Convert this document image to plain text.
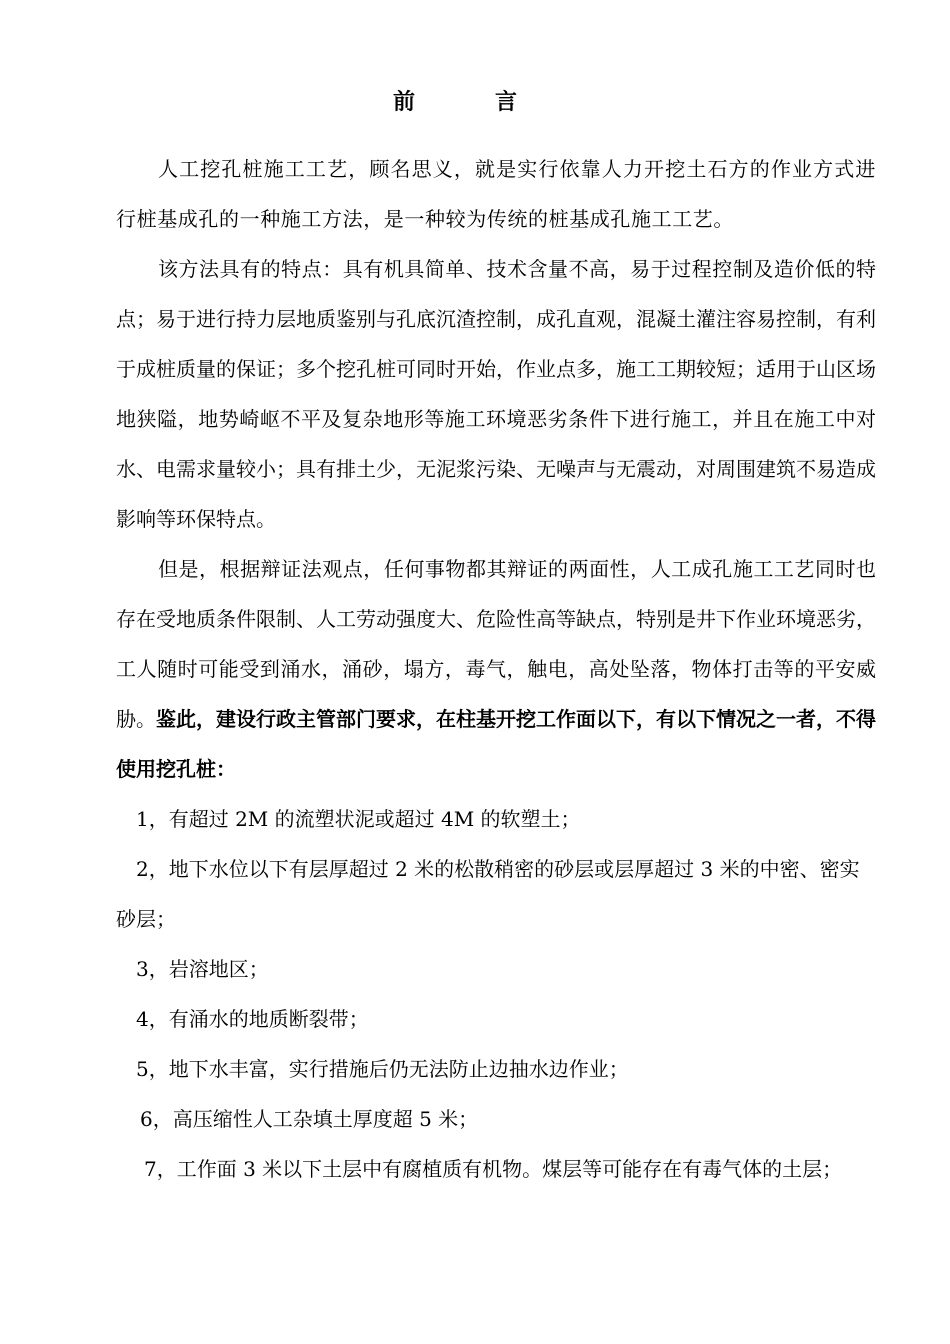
前	言

人工挖孔桩施工工艺，顾名思义，就是实行依靠人力开挖土石方的作业方式进行桩基成孔的一种施工方法，是一种较为传统的桩基成孔施工工艺。

该方法具有的特点：具有机具简单、技术含量不高，易于过程控制及造价低的特点；易于进行持力层地质鉴别与孔底沉渣控制，成孔直观，混凝土灌注容易控制，有利于成桩质量的保证；多个挖孔桩可同时开始，作业点多，施工工期较短；适用于山区场地狭隘，地势崎岖不平及复杂地形等施工环境恶劣条件下进行施工，并且在施工中对水、电需求量较小；具有排土少，无泥浆污染、无噪声与无震动，对周围建筑不易造成影响等环保特点。

但是，根据辩证法观点，任何事物都其辩证的两面性，人工成孔施工工艺同时也存在受地质条件限制、人工劳动强度大、危险性高等缺点，特别是井下作业环境恶劣，工人随时可能受到涌水，涌砂，塌方，毒气，触电，高处坠落，物体打击等的平安威胁。鉴此，建设行政主管部门要求，在柱基开挖工作面以下，有以下情况之一者，不得使用挖孔桩：

1，有超过 2M 的流塑状泥或超过 4M 的软塑土；

2，地下水位以下有层厚超过 2 米的松散稍密的砂层或层厚超过 3 米的中密、密实砂层；

3，岩溶地区；

4，有涌水的地质断裂带；

5，地下水丰富，实行措施后仍无法防止边抽水边作业；

6，高压缩性人工杂填土厚度超 5 米；

7，工作面 3 米以下土层中有腐植质有机物。煤层等可能存在有毒气体的土层；
